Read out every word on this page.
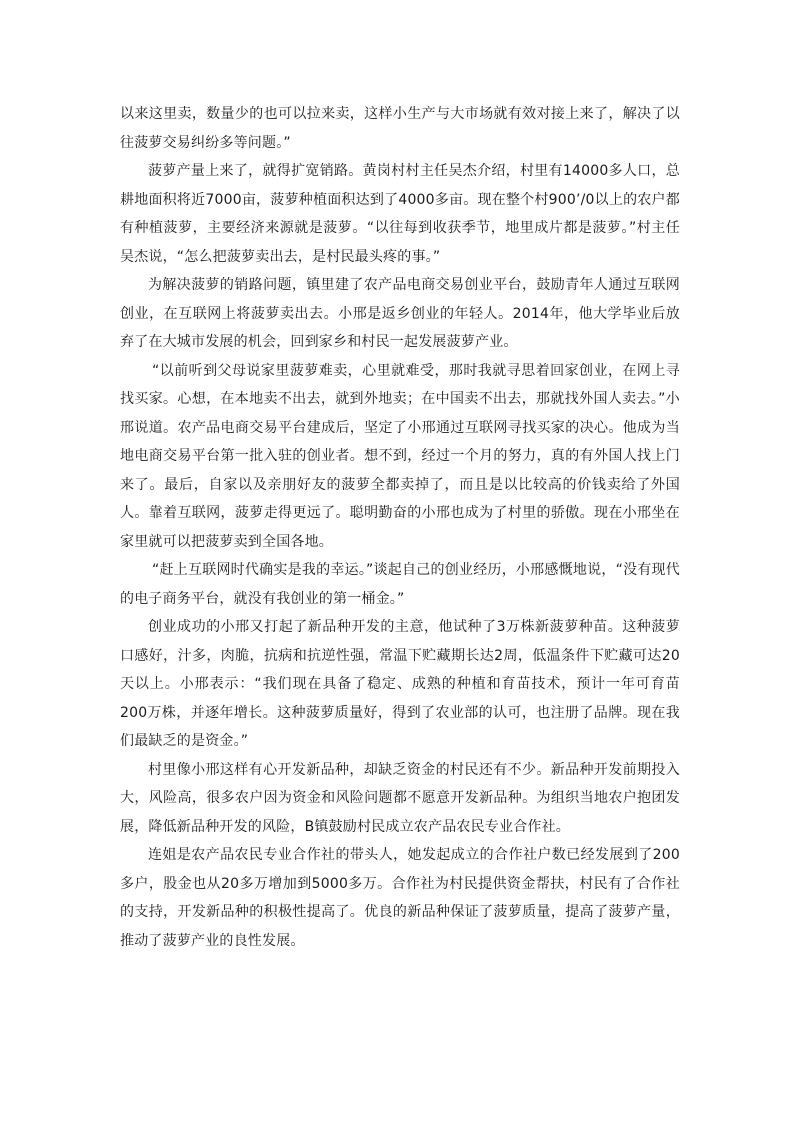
以来这里卖，数量少的也可以拉来卖，这样小生产与大市场就有效对接上来了，解决了以往菠萝交易纠纷多等问题。”

菠萝产量上来了，就得扩宽销路。黄岗村村主任吴杰介绍，村里有14000多人口，总耕地面积将近7000亩，菠萝种植面积达到了4000多亩。现在整个村900’/0以上的农户都有种植菠萝，主要经济来源就是菠萝。“以往每到收获季节，地里成片都是菠萝。”村主任吴杰说，“怎么把菠萝卖出去，是村民最头疼的事。”

为解决菠萝的销路问题，镇里建了农产品电商交易创业平台，鼓励青年人通过互联网创业，在互联网上将菠萝卖出去。小邢是返乡创业的年轻人。2014年，他大学毕业后放弃了在大城市发展的机会，回到家乡和村民一起发展菠萝产业。

“以前听到父母说家里菠萝难卖，心里就难受，那时我就寻思着回家创业，在网上寻找买家。心想，在本地卖不出去，就到外地卖；在中国卖不出去，那就找外国人卖去。”小邢说道。农产品电商交易平台建成后，坚定了小邢通过互联网寻找买家的决心。他成为当地电商交易平台第一批入驻的创业者。想不到，经过一个月的努力，真的有外国人找上门来了。最后，自家以及亲朋好友的菠萝全都卖掉了，而且是以比较高的价钱卖给了外国人。靠着互联网，菠萝走得更远了。聪明勤奋的小邢也成为了村里的骄傲。现在小邢坐在家里就可以把菠萝卖到全国各地。

“赶上互联网时代确实是我的幸运。”谈起自己的创业经历，小邢感慨地说，“没有现代的电子商务平台，就没有我创业的第一桶金。”

创业成功的小邢又打起了新品种开发的主意，他试种了3万株新菠萝种苗。这种菠萝口感好，汁多，肉脆，抗病和抗逆性强，常温下贮藏期长达2周，低温条件下贮藏可达20天以上。小邢表示：“我们现在具备了稳定、成熟的种植和育苗技术，预计一年可育苗200万株，并逐年增长。这种菠萝质量好，得到了农业部的认可，也注册了品牌。现在我们最缺乏的是资金。”

村里像小邢这样有心开发新品种，却缺乏资金的村民还有不少。新品种开发前期投入大，风险高，很多农户因为资金和风险问题都不愿意开发新品种。为组织当地农户抱团发展，降低新品种开发的风险，B镇鼓励村民成立农产品农民专业合作社。

连姐是农产品农民专业合作社的带头人，她发起成立的合作社户数已经发展到了200多户，股金也从20多万增加到5000多万。合作社为村民提供资金帮扶，村民有了合作社的支持，开发新品种的积极性提高了。优良的新品种保证了菠萝质量，提高了菠萝产量，推动了菠萝产业的良性发展。
